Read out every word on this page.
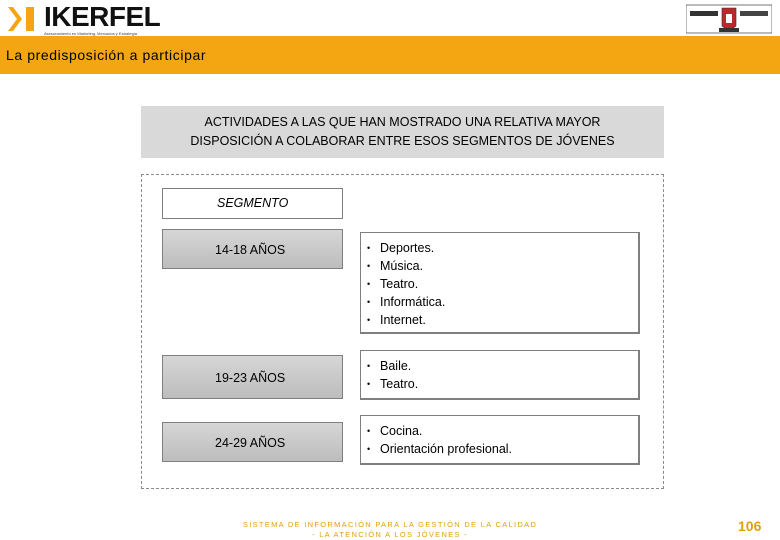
IKERFEL
Asesoramiento en Marketing, Mercados y Estrategia
La predisposición a participar
ACTIVIDADES A LAS QUE HAN MOSTRADO UNA RELATIVA MAYOR
DISPOSICIÓN A COLABORAR ENTRE ESOS SEGMENTOS DE JÓVENES
SEGMENTO
14-18 AÑOS
•	Deportes.
• Música.
• Teatro.
• Informática.
• Internet.
19-23 AÑOS
• Baile.
• Teatro.
24-29 AÑOS
• Cocina.
• Orientación profesional.
SISTEMA DE INFORMACIÓN PARA LA GESTIÓN DE LA CALIDAD
- LA ATENCIÓN A LOS JÓVENES -
106
